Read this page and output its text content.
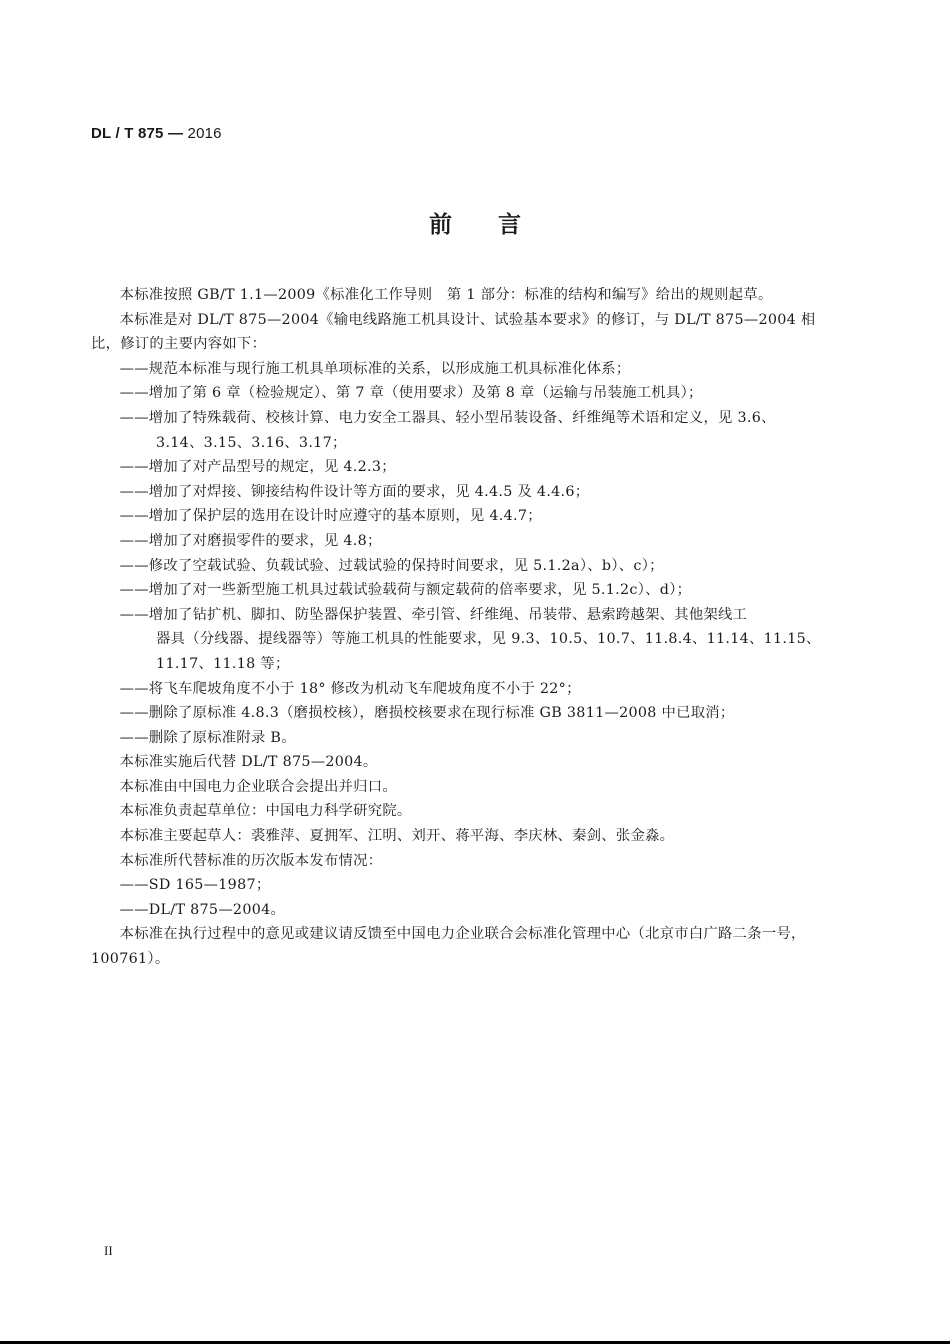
DL / T 875 — 2016
前　　言

本标准按照 GB/T 1.1—2009《标准化工作导则　第 1 部分：标准的结构和编写》给出的规则起草。

本标准是对 DL/T 875—2004《输电线路施工机具设计、试验基本要求》的修订，与 DL/T 875—2004 相比，修订的主要内容如下：

——规范本标准与现行施工机具单项标准的关系，以形成施工机具标准化体系；

——增加了第 6 章（检验规定）、第 7 章（使用要求）及第 8 章（运输与吊装施工机具）；

——增加了特殊载荷、校核计算、电力安全工器具、轻小型吊装设备、纤维绳等术语和定义，见 3.6、
3.14、3.15、3.16、3.17；

——增加了对产品型号的规定，见 4.2.3；

——增加了对焊接、铆接结构件设计等方面的要求，见 4.4.5 及 4.4.6；

——增加了保护层的选用在设计时应遵守的基本原则，见 4.4.7；

——增加了对磨损零件的要求，见 4.8；

——修改了空载试验、负载试验、过载试验的保持时间要求，见 5.1.2a）、b）、c）；

——增加了对一些新型施工机具过载试验载荷与额定载荷的倍率要求，见 5.1.2c）、d）；

——增加了钻扩机、脚扣、防坠器保护装置、牵引管、纤维绳、吊装带、悬索跨越架、其他架线工
器具（分线器、提线器等）等施工机具的性能要求，见 9.3、10.5、10.7、11.8.4、11.14、11.15、
11.17、11.18 等；

——将飞车爬坡角度不小于 18° 修改为机动飞车爬坡角度不小于 22°；

——删除了原标准 4.8.3（磨损校核），磨损校核要求在现行标准 GB 3811—2008 中已取消；

——删除了原标准附录 B。

本标准实施后代替 DL/T 875—2004。

本标准由中国电力企业联合会提出并归口。

本标准负责起草单位：中国电力科学研究院。

本标准主要起草人：裘雅萍、夏拥军、江明、刘开、蒋平海、李庆林、秦剑、张金淼。

本标准所代替标准的历次版本发布情况：

——SD 165—1987；

——DL/T 875—2004。

本标准在执行过程中的意见或建议请反馈至中国电力企业联合会标准化管理中心（北京市白广路二条一号，100761）。

II
